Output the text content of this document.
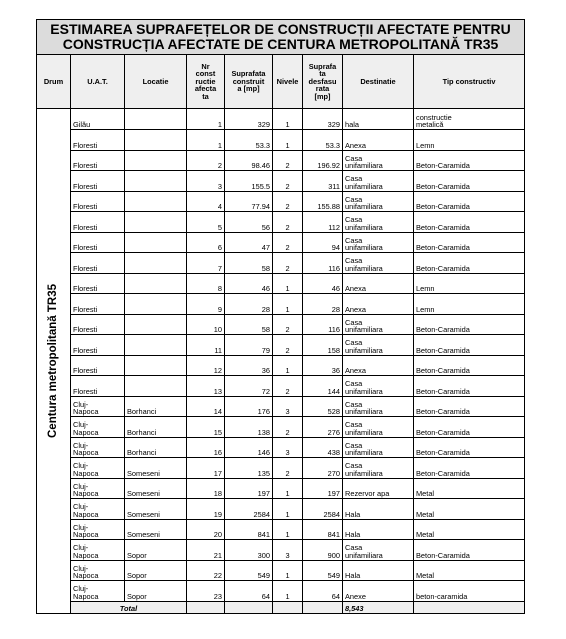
ESTIMAREA SUPRAFEȚELOR DE CONSTRUCȚII AFECTATE PENTRU
CONSTRUCȚIA AFECTATE DE CENTURA METROPOLITANĂ TR35									

Drum	U.A.T.	Locatie	Nr
const
ructie
afecta
ta	Suprafata
construit
a [mp]	Nivele	Suprafa
ta
desfasu
rata
[mp]	Destinatie	Tip constructiv	

Centura metropolitană TR35	Gilău		1	329	1	329	hala	constructie
metalică	
	Floresti		1	53.3	1	53.3	Anexa	Lemn	
	Floresti		2	98.46	2	196.92	Casa
unifamiliara	Beton-Caramida	
	Floresti		3	155.5	2	311	Casa
unifamiliara	Beton-Caramida	
	Floresti		4	77.94	2	155.88	Casa
unifamiliara	Beton-Caramida	
	Floresti		5	56	2	112	Casa
unifamiliara	Beton-Caramida	
	Floresti		6	47	2	94	Casa
unifamiliara	Beton-Caramida	
	Floresti		7	58	2	116	Casa
unifamiliara	Beton-Caramida	
	Floresti		8	46	1	46	Anexa	Lemn	
	Floresti		9	28	1	28	Anexa	Lemn	
	Floresti		10	58	2	116	Casa
unifamiliara	Beton-Caramida	
	Floresti		11	79	2	158	Casa
unifamiliara	Beton-Caramida	
	Floresti		12	36	1	36	Anexa	Beton-Caramida	
	Floresti		13	72	2	144	Casa
unifamiliara	Beton-Caramida	
	Cluj-
Napoca	Borhanci	14	176	3	528	Casa
unifamiliara	Beton-Caramida	
	Cluj-
Napoca	Borhanci	15	138	2	276	Casa
unifamiliara	Beton-Caramida	
	Cluj-
Napoca	Borhanci	16	146	3	438	Casa
unifamiliara	Beton-Caramida	
	Cluj-
Napoca	Someseni	17	135	2	270	Casa
unifamiliara	Beton-Caramida	
	Cluj-
Napoca	Someseni	18	197	1	197	Rezervor apa	Metal	
	Cluj-
Napoca	Someseni	19	2584	1	2584	Hala	Metal	
	Cluj-
Napoca	Someseni	20	841	1	841	Hala	Metal	
	Cluj-
Napoca	Sopor	21	300	3	900	Casa
unifamiliara	Beton-Caramida	
	Cluj-
Napoca	Sopor	22	549	1	549	Hala	Metal	
	Cluj-
Napoca	Sopor	23	64	1	64	Anexe	beton-caramida	
	Total						8,543		
